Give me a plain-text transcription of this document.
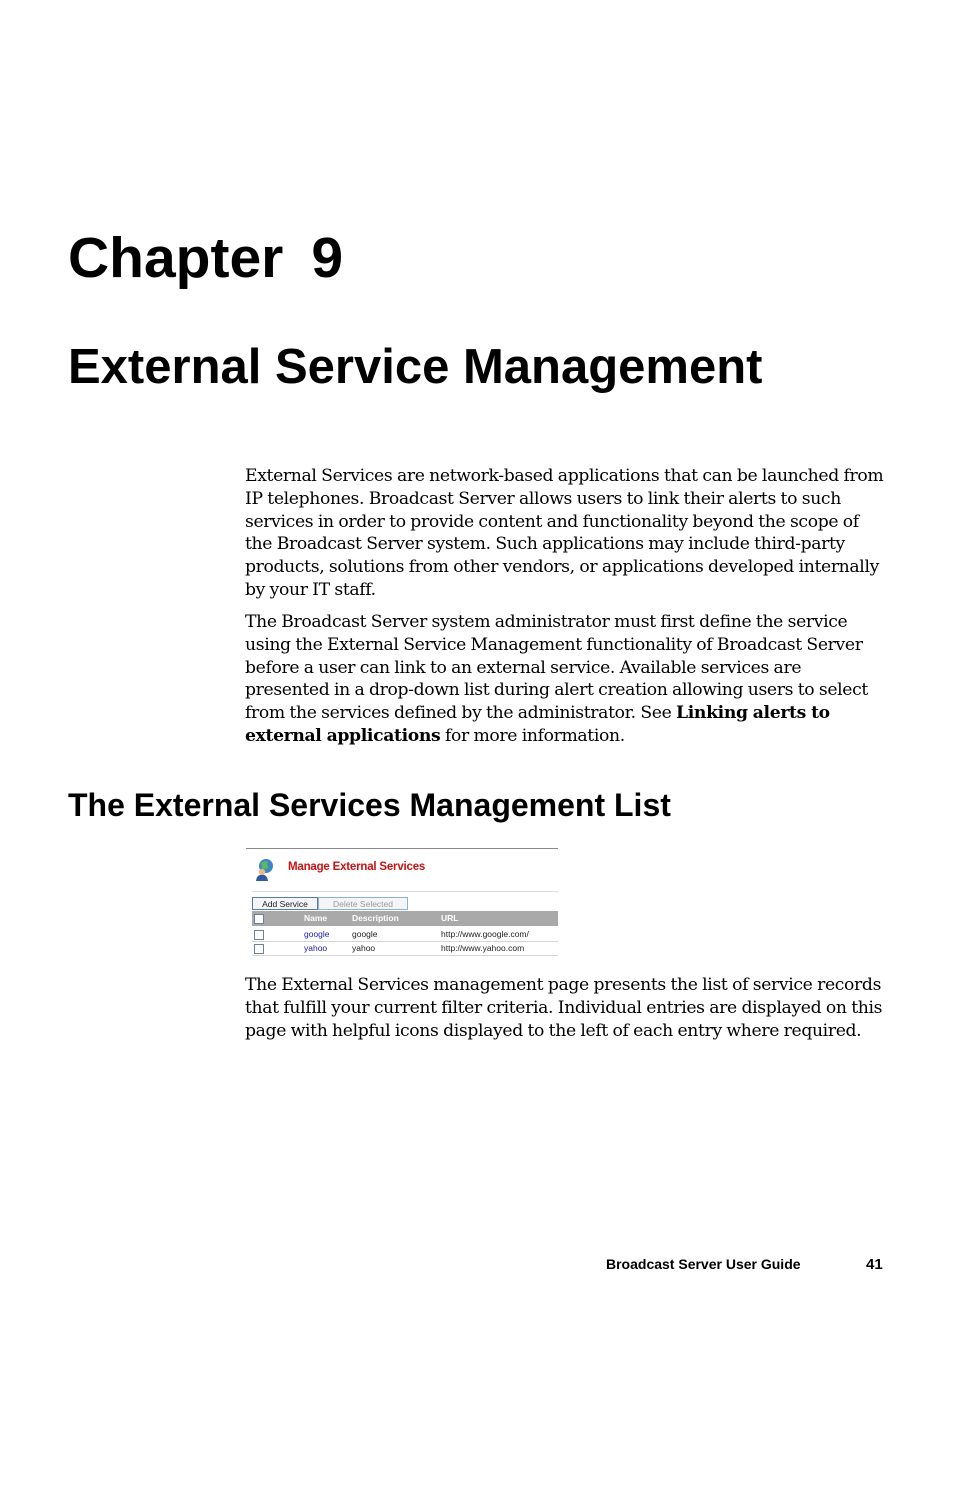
Chapter 9
External Service Management

External Services are network-based applications that can be launched from IP telephones. Broadcast Server allows users to link their alerts to such services in order to provide content and functionality beyond the scope of the Broadcast Server system. Such applications may include third-party products, solutions from other vendors, or applications developed internally by your IT staff.

The Broadcast Server system administrator must first define the service using the External Service Management functionality of Broadcast Server before a user can link to an external service. Available services are presented in a drop-down list during alert creation allowing users to select from the services defined by the administrator. See Linking alerts to external applications for more information.

The External Services Management List
Manage External Services
Add Service	Delete Selected
Name	Description	URL
google	google	http://www.google.com/
yahoo	yahoo	http://www.yahoo.com

The External Services management page presents the list of service records that fulfill your current filter criteria. Individual entries are displayed on this page with helpful icons displayed to the left of each entry where required.

Broadcast Server User Guide	41
